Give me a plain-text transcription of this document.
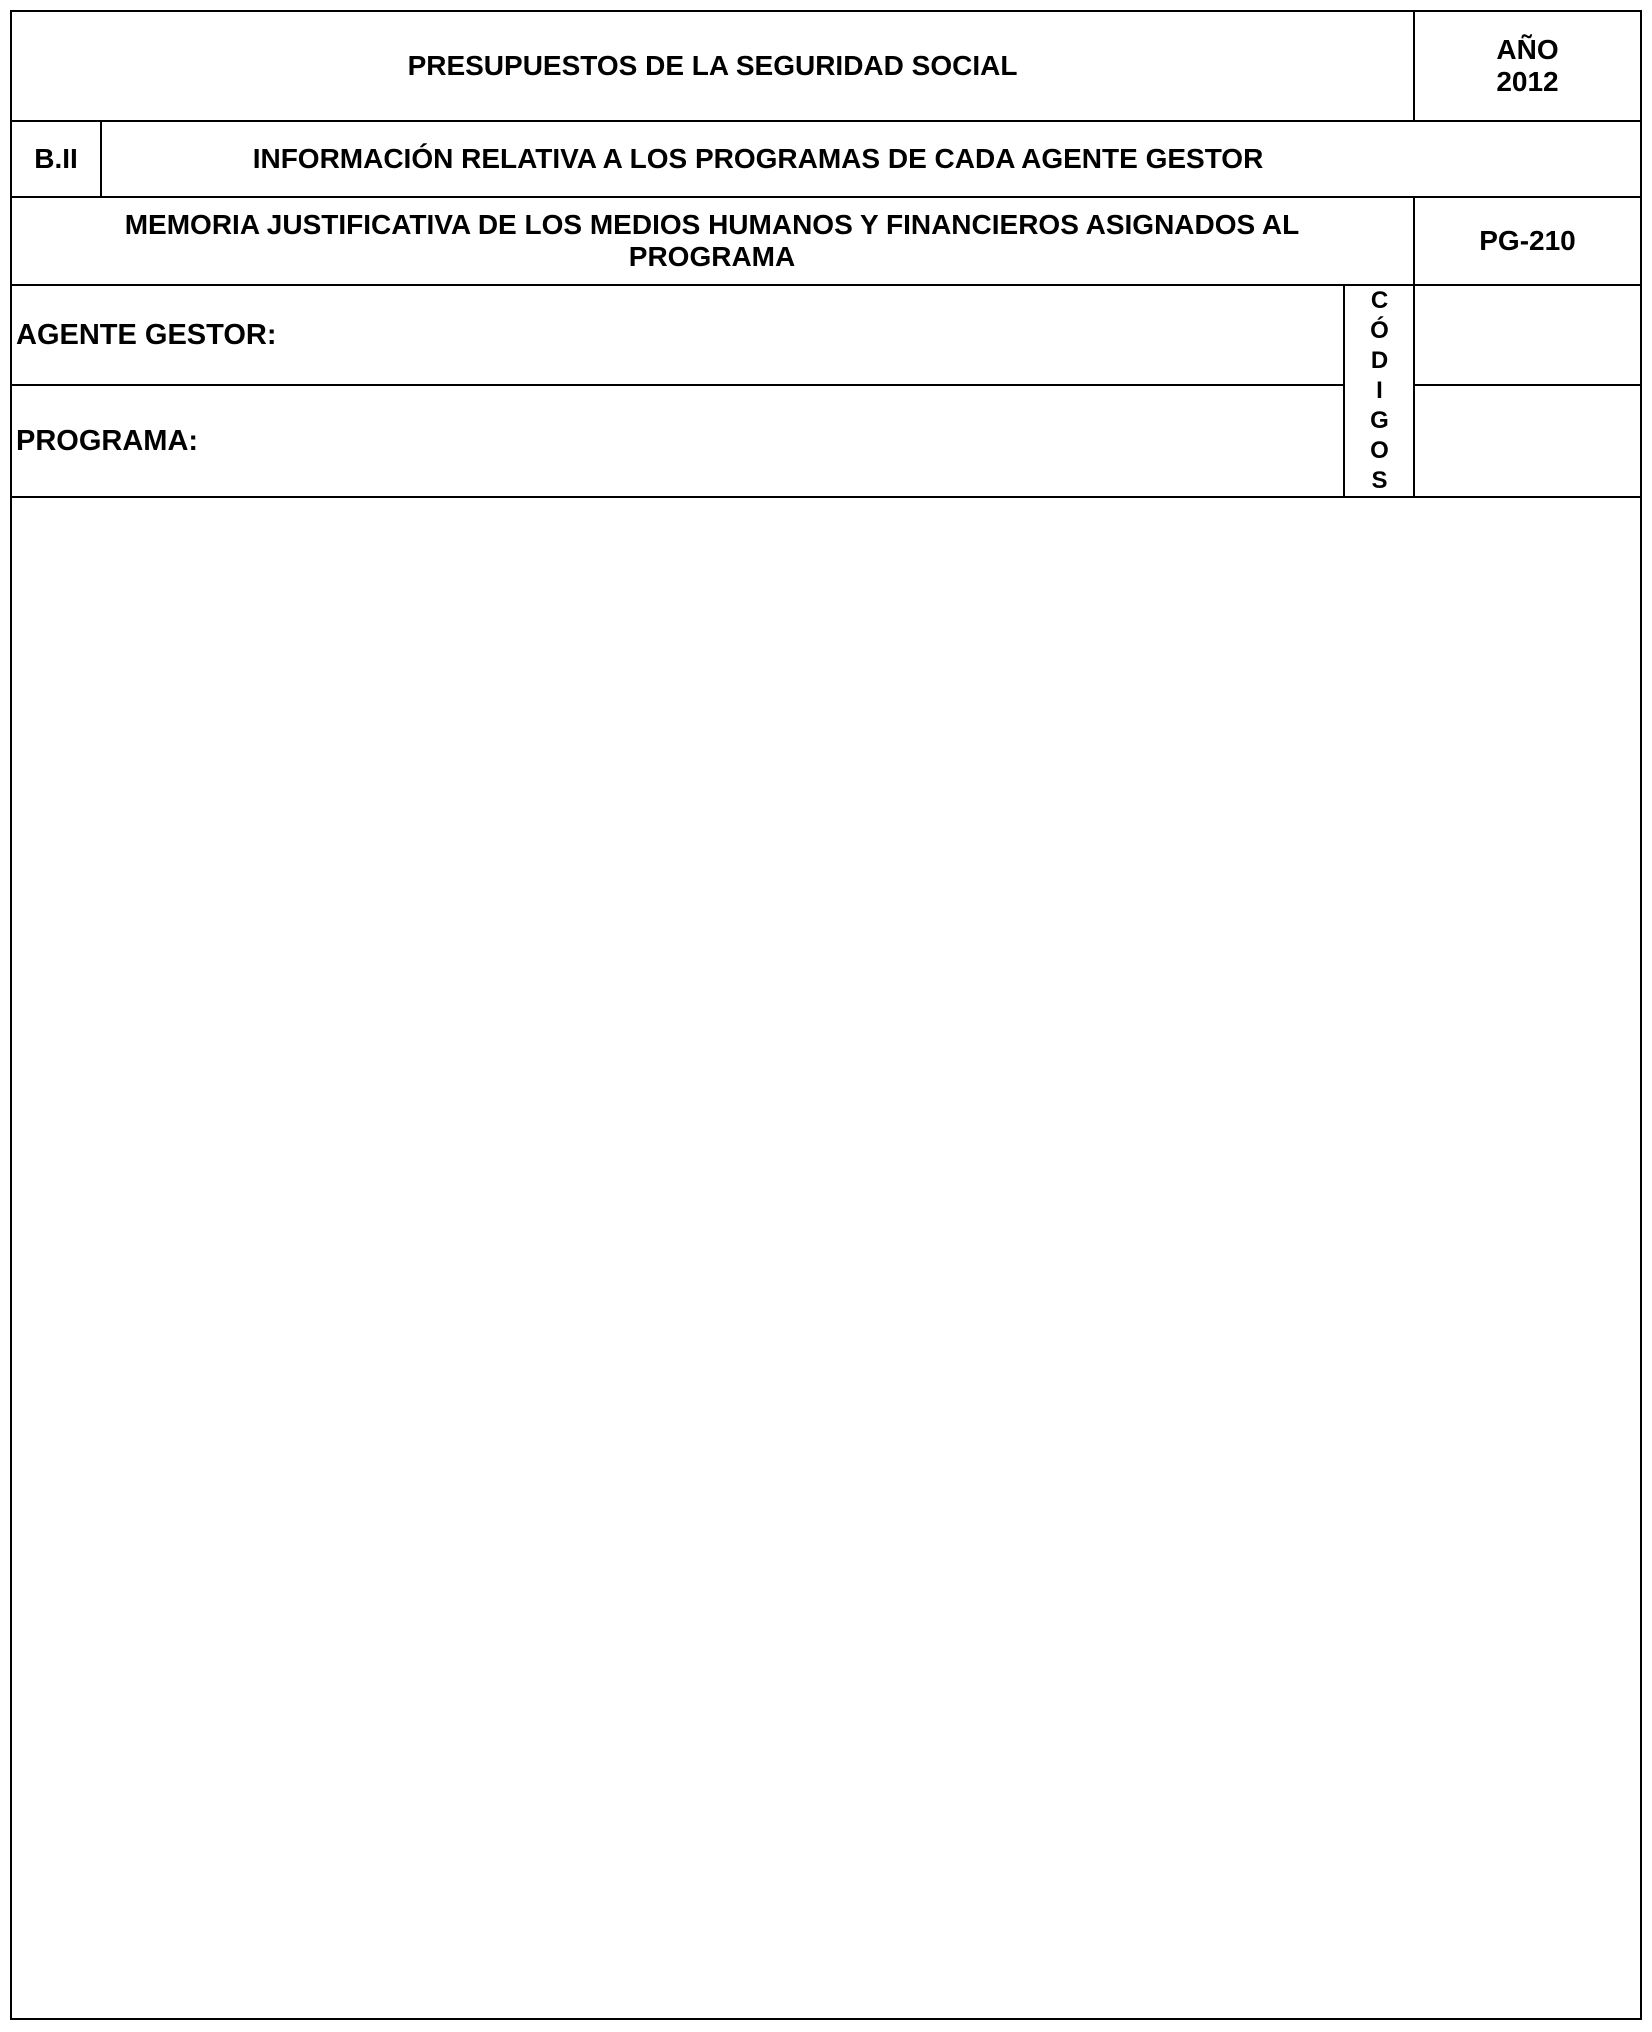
PRESUPUESTOS DE LA SEGURIDAD SOCIAL
AÑO
2012
B.II	INFORMACIÓN RELATIVA A LOS PROGRAMAS DE CADA AGENTE GESTOR
MEMORIA JUSTIFICATIVA DE LOS MEDIOS HUMANOS Y FINANCIEROS ASIGNADOS AL PROGRAMA
PG-210
AGENTE GESTOR:
PROGRAMA:
C
Ó
D
I
G
O
S
